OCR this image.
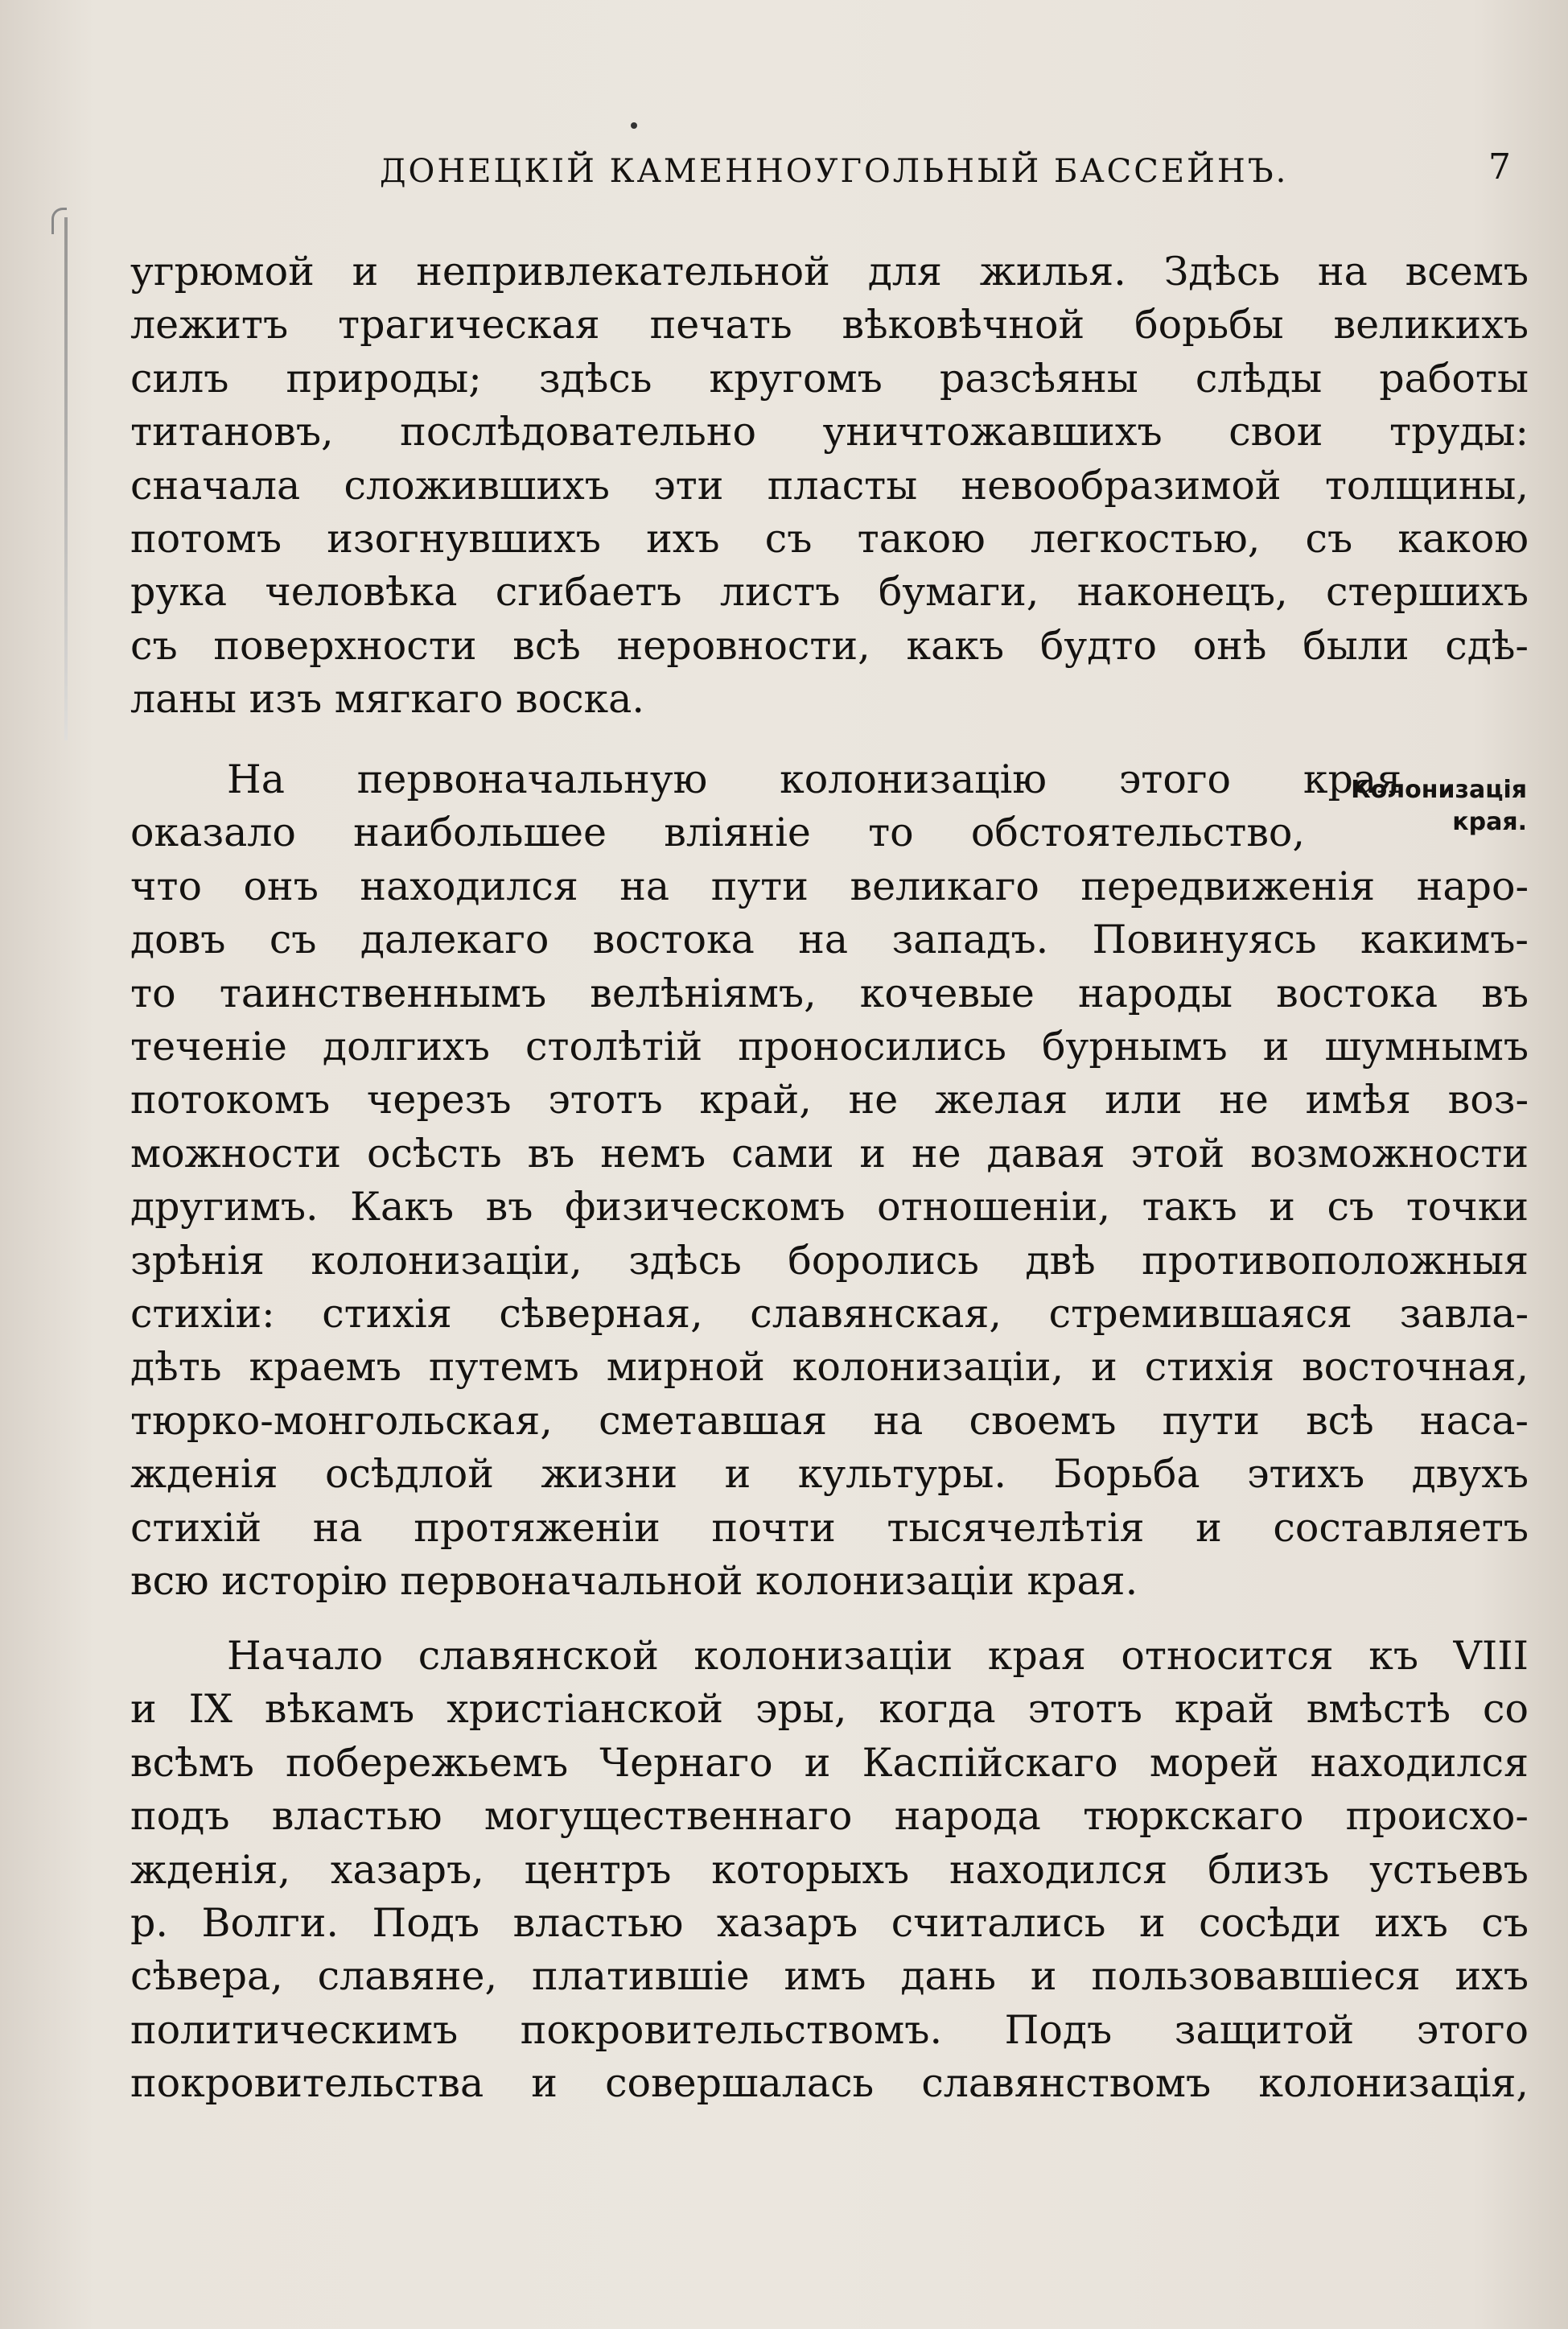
ДОНЕЦКІЙ КАМЕННОУГОЛЬНЫЙ БАССЕЙНЪ.	7
угрюмой и непривлекательной для жилья. Здѣсь на всемъ
лежитъ трагическая печать вѣковѣчной борьбы великихъ
силъ природы; здѣсь кругомъ разсѣяны слѣды работы
титановъ, послѣдовательно уничтожавшихъ свои труды:
сначала сложившихъ эти пласты невообразимой толщины,
потомъ изогнувшихъ ихъ съ такою легкостью, съ какою
рука человѣка сгибаетъ листъ бумаги, наконецъ, стершихъ
съ поверхности всѣ неровности, какъ будто онѣ были сдѣ-
ланы изъ мягкаго воска.
На первоначальную колонизацію этого края
оказало наибольшее вліяніе то обстоятельство,
что онъ находился на пути великаго передвиженія наро-
довъ съ далекаго востока на западъ. Повинуясь какимъ-
то таинственнымъ велѣніямъ, кочевые народы востока въ
теченіе долгихъ столѣтій проносились бурнымъ и шумнымъ
потокомъ черезъ этотъ край, не желая или не имѣя воз-
можности осѣсть въ немъ сами и не давая этой возможности
другимъ. Какъ въ физическомъ отношеніи, такъ и съ точки
зрѣнія колонизаціи, здѣсь боролись двѣ противоположныя
стихіи: стихія сѣверная, славянская, стремившаяся завла-
дѣть краемъ путемъ мирной колонизаціи, и стихія восточная,
тюрко-монгольская, сметавшая на своемъ пути всѣ наса-
жденія осѣдлой жизни и культуры. Борьба этихъ двухъ
стихій на протяженіи почти тысячелѣтія и составляетъ
всю исторію первоначальной колонизаціи края.
Колонизація
края.
Начало славянской колонизаціи края относится къ VIII
и IX вѣкамъ христіанской эры, когда этотъ край вмѣстѣ со
всѣмъ побережьемъ Чернаго и Каспійскаго морей находился
подъ властью могущественнаго народа тюркскаго происхо-
жденія, хазаръ, центръ которыхъ находился близъ устьевъ
р. Волги. Подъ властью хазаръ считались и сосѣди ихъ съ
сѣвера, славяне, платившіе имъ дань и пользовавшіеся ихъ
политическимъ покровительствомъ. Подъ защитой этого
покровительства и совершалась славянствомъ колонизація,
